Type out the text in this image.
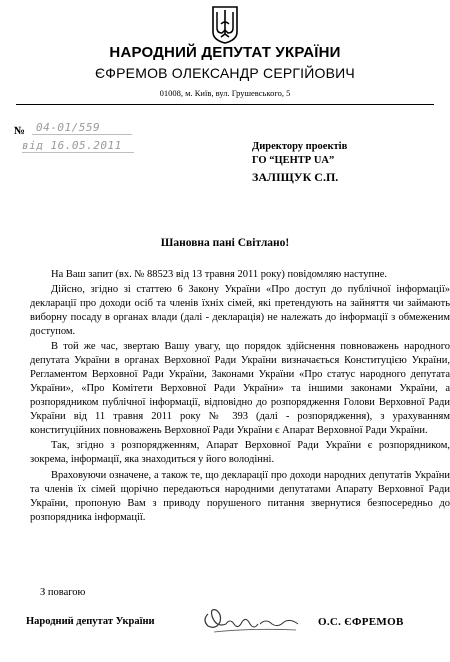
НАРОДНИЙ ДЕПУТАТ УКРАЇНИ
ЄФРЕМОВ ОЛЕКСАНДР СЕРГІЙОВИЧ
01008, м. Київ, вул. Грушевського, 5
№ 04-01/559
від 16.05.2011	Директору проектів
ГО “ЦЕНТР UA”
ЗАЛІЩУК С.П.
Шановна пані Світлано!

На Ваш запит (вх. № 88523 від 13 травня 2011 року) повідомляю наступне.

Дійсно, згідно зі статтею 6 Закону України «Про доступ до публічної інформації» декларації про доходи осіб та членів їхніх сімей, які претендують на зайняття чи займають виборну посаду в органах влади (далі - декларація) не належать до інформації з обмеженим доступом.

В той же час, звертаю Вашу увагу, що порядок здійснення повноважень народного депутата України в органах Верховної Ради України визначається Конституцією України, Регламентом Верховної Ради України, Законами України «Про статус народного депутата України», «Про Комітети Верховної Ради України» та іншими законами України, а розпорядником публічної інформації, відповідно до розпорядження Голови Верховної Ради України від 11 травня 2011 року № 393 (далі - розпорядження), з урахуванням конституційних повноважень Верховної Ради України є Апарат Верховної Ради України.

Так, згідно з розпорядженням, Апарат Верховної Ради України є розпорядником, зокрема, інформації, яка знаходиться у його володінні.

Враховуючи означене, а також те, що декларації про доходи народних депутатів України та членів їх сімей щорічно передаються народними депутатами Апарату Верховної Ради України, пропоную Вам з приводу порушеного питання звернутися безпосередньо до розпорядника інформації.

З повагою
Народний депутат України	О.С. ЄФРЕМОВ
